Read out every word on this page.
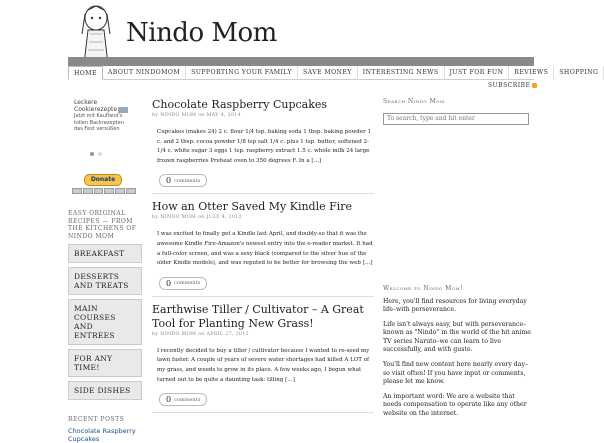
Nindo Mom
HOME	ABOUT NINDOMOM	SUPPORTING YOUR FAMILY	SAVE MONEY	INTERESTING NEWS	JUST FOR FUN	REVIEWS	SHOPPING
SUBSCRIBE
Leckere Cookierezepte
Jetzt mit Kaufland's tollen Backrezepten das Fest versüßen
Donate
EASY ORIGINAL RECIPES — FROM THE KITCHENS OF NINDO MOM
BREAKFAST
DESSERTS AND TREATS
MAIN COURSES AND ENTREES
FOR ANY TIME!
SIDE DISHES
RECENT POSTS
Chocolate Raspberry Cupcakes
Chocolate Raspberry Cupcakes
by NINDO MOM on MAY 4, 2014
Cupcakes (makes 24) 2 c. flour 1/4 tsp. baking soda 1 tbsp. baking powder 1 c. and 2 tbsp. cocoa powder 1/8 tsp salt 1/4 c. plus 1 tsp. butter, softened 2-1/4 c. white sugar 3 eggs 1 tsp. raspberry extract 1.5 c. whole milk 24 large frozen raspberries Preheat oven to 350 degrees F. In a […]
0 comments
How an Otter Saved My Kindle Fire
by NINDO MOM on JULY 4, 2012
I was excited to finally get a Kindle last April, and doubly-so that it was the awesome Kindle Fire-Amazon's newest entry into the e-reader market. It had a full-color screen, and was a sexy black (compared to the silver hue of the older Kindle models), and was reputed to be better for browsing the web […]
0 comments
Earthwise Tiller / Cultivator – A Great Tool for Planting New Grass!
by NINDO MOM on APRIL 27, 2012
I recently decided to buy a tiller / cultivator because I wanted to re-seed my lawn faster. A couple of years of severe water shortages had killed A LOT of my grass, and weeds to grow in its place. A few weeks ago, I begun what turned out to be quite a daunting task: tilling […]
0 comments
Search Nindo Mom
To search, type and hit enter
Welcome to Nindo Mom!
Here, you'll find resources for living everyday life–with perseverance.
Life isn't always easy, but with perseverance–known as "Nindo" in the world of the hit anime TV series Naruto–we can learn to live successfully, and with gusto.
You'll find new content here nearly every day–so visit often! If you have input or comments, please let me know.
An important word: We are a website that needs compensation to operate like any other website on the internet.
